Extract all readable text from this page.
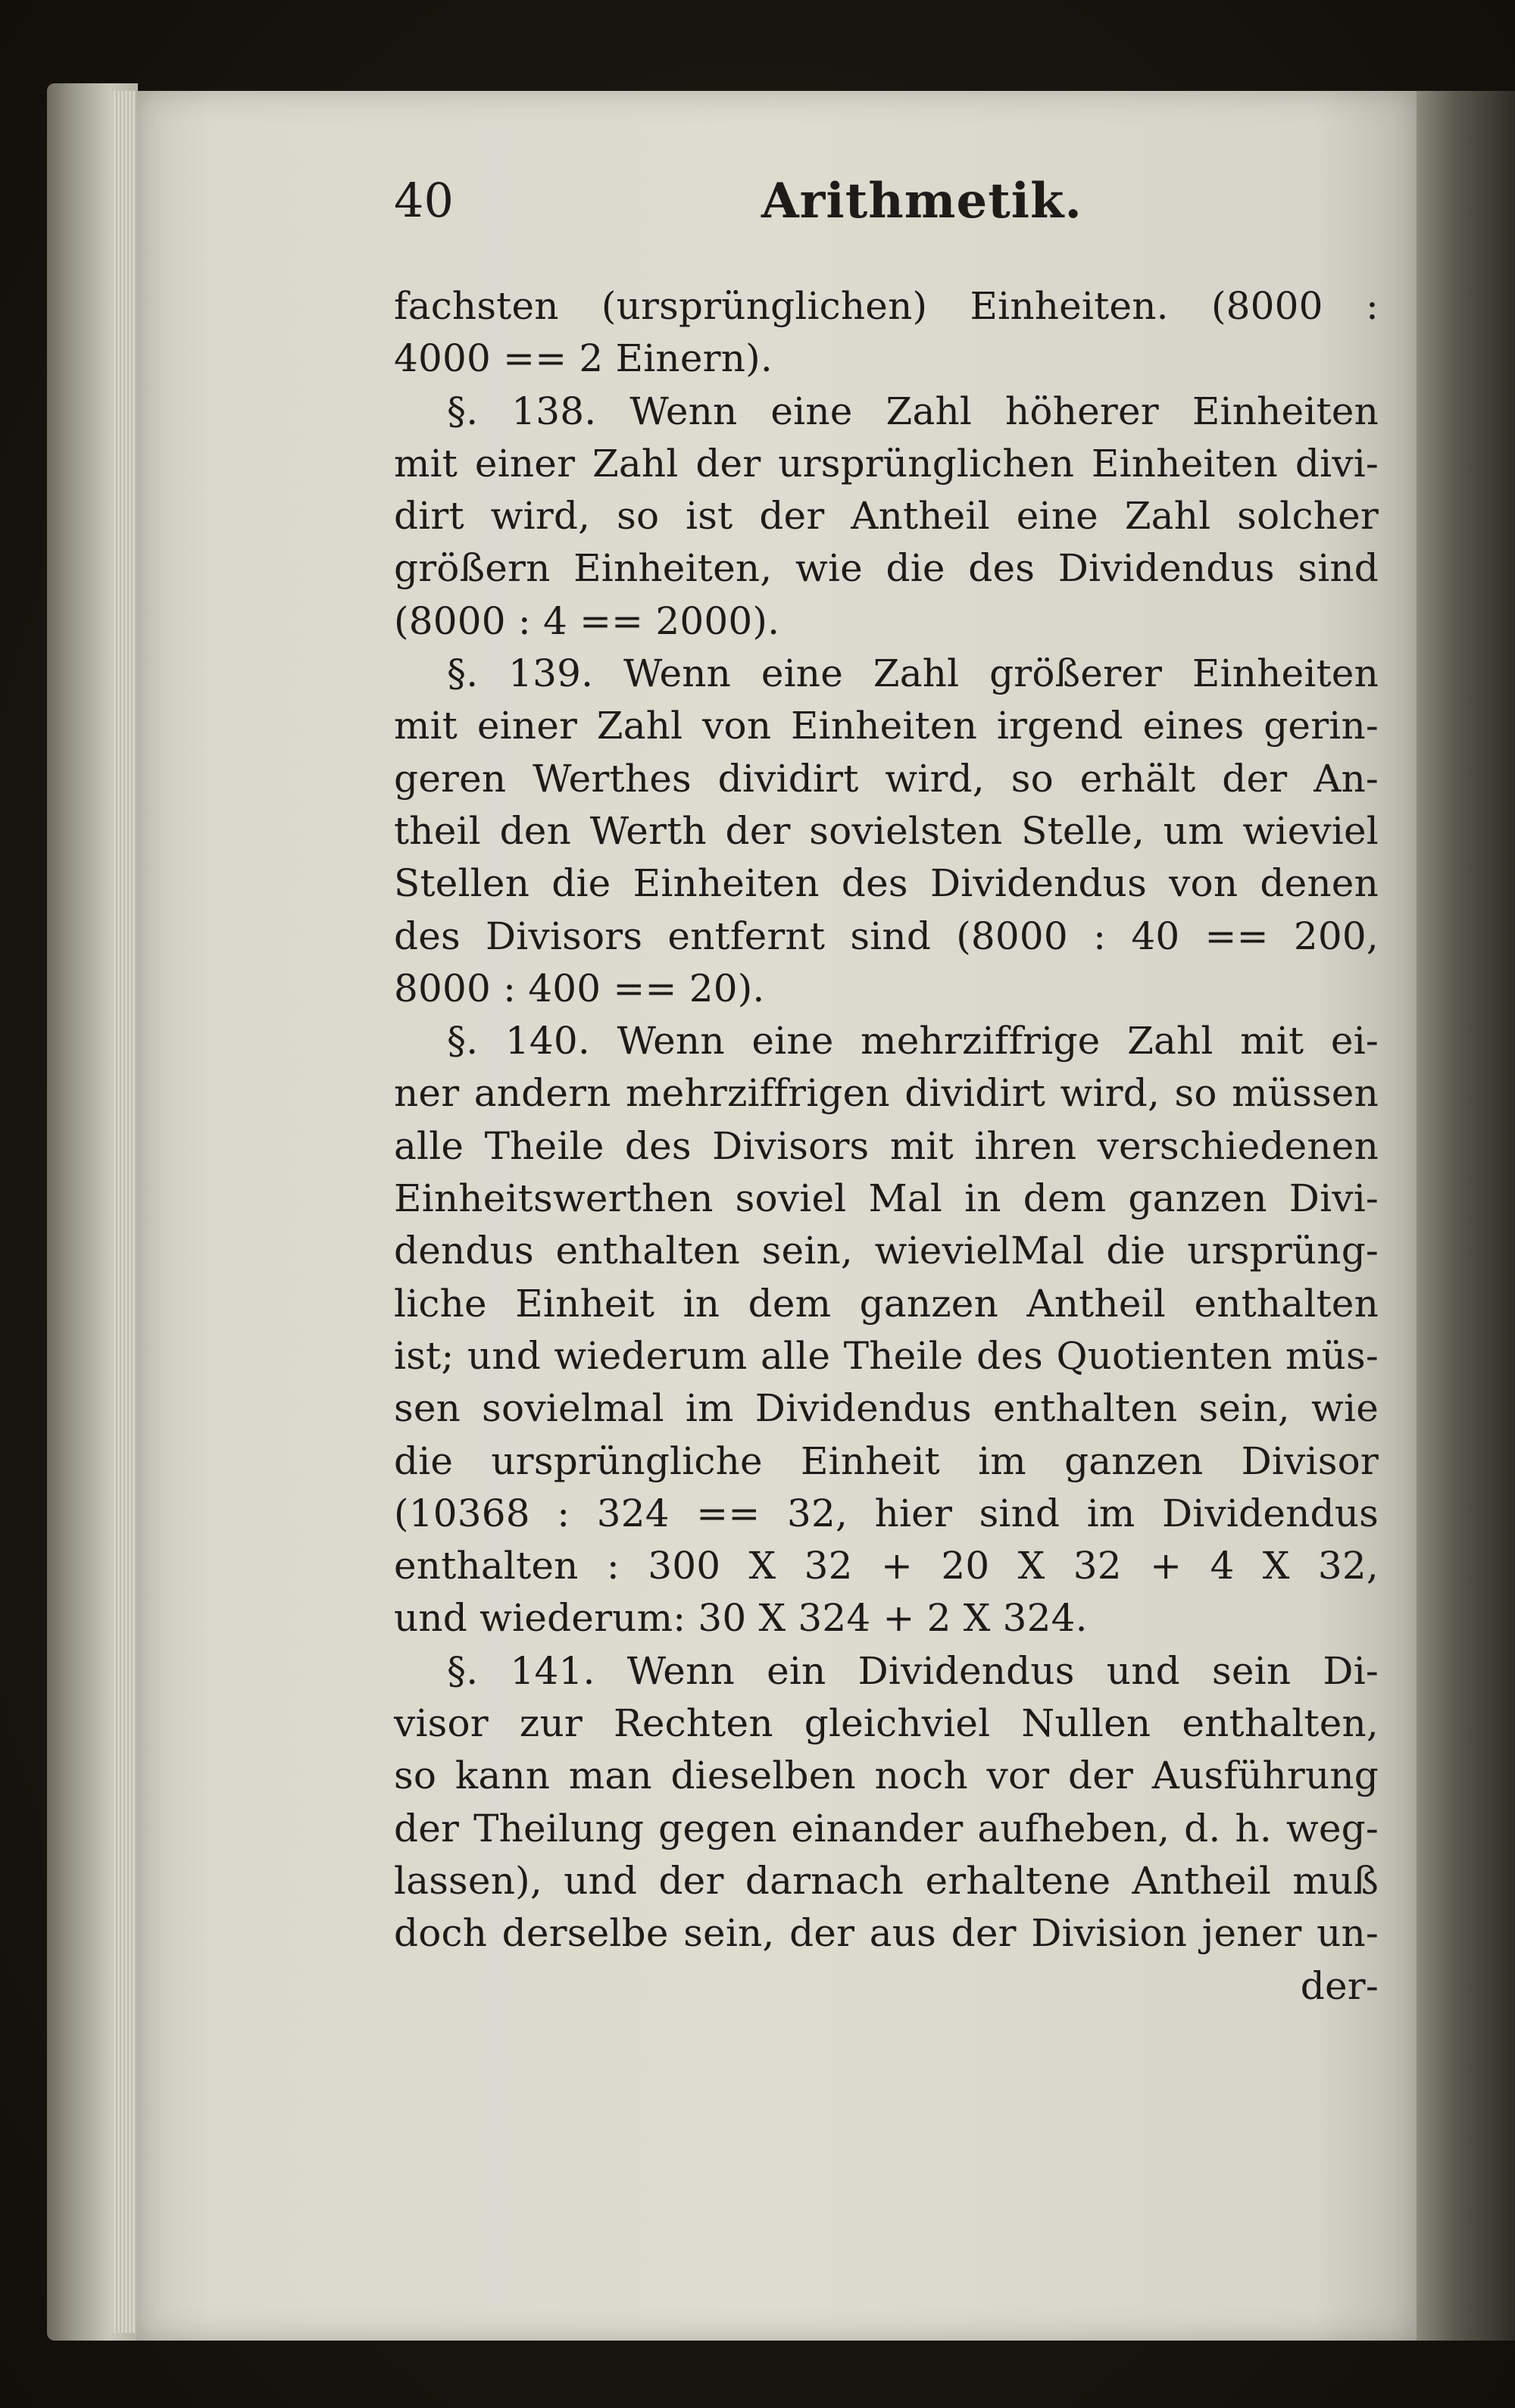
40	Arithmetik.
fachsten (ursprünglichen) Einheiten. (8000 :
4000 == 2 Einern).
§. 138. Wenn eine Zahl höherer Einheiten
mit einer Zahl der ursprünglichen Einheiten divi-
dirt wird, so ist der Antheil eine Zahl solcher
größern Einheiten, wie die des Dividendus sind
(8000 : 4 == 2000).
§. 139. Wenn eine Zahl größerer Einheiten
mit einer Zahl von Einheiten irgend eines gerin-
geren Werthes dividirt wird, so erhält der An-
theil den Werth der sovielsten Stelle, um wieviel
Stellen die Einheiten des Dividendus von denen
des Divisors entfernt sind (8000 : 40 == 200,
8000 : 400 == 20).
§. 140. Wenn eine mehrziffrige Zahl mit ei-
ner andern mehrziffrigen dividirt wird, so müssen
alle Theile des Divisors mit ihren verschiedenen
Einheitswerthen soviel Mal in dem ganzen Divi-
dendus enthalten sein, wievielMal die ursprüng-
liche Einheit in dem ganzen Antheil enthalten
ist; und wiederum alle Theile des Quotienten müs-
sen sovielmal im Dividendus enthalten sein, wie
die ursprüngliche Einheit im ganzen Divisor
(10368 : 324 == 32, hier sind im Dividendus
enthalten : 300 X 32 + 20 X 32 + 4 X 32,
und wiederum: 30 X 324 + 2 X 324.
§. 141. Wenn ein Dividendus und sein Di-
visor zur Rechten gleichviel Nullen enthalten,
so kann man dieselben noch vor der Ausführung
der Theilung gegen einander aufheben, d. h. weg-
lassen), und der darnach erhaltene Antheil muß
doch derselbe sein, der aus der Division jener un-
der-
